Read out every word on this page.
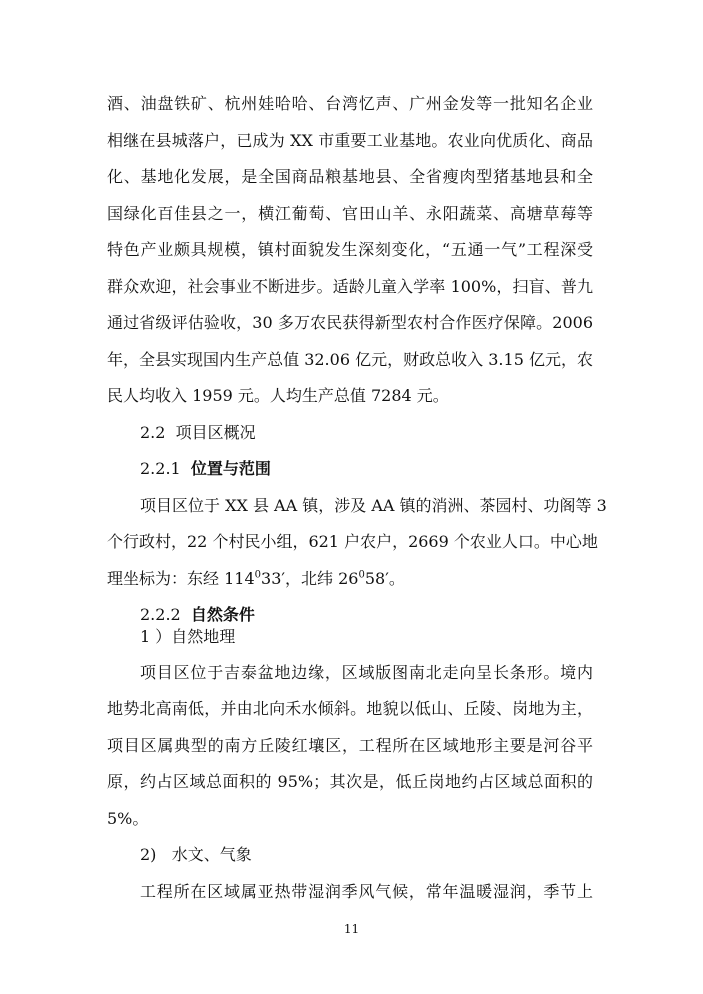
酒、油盘铁矿、杭州娃哈哈、台湾忆声、广州金发等一批知名企业
相继在县城落户，已成为 XX 市重要工业基地。农业向优质化、商品
化、基地化发展，是全国商品粮基地县、全省瘦肉型猪基地县和全
国绿化百佳县之一，横江葡萄、官田山羊、永阳蔬菜、高塘草莓等
特色产业颇具规模，镇村面貌发生深刻变化，“五通一气”工程深受
群众欢迎，社会事业不断进步。适龄儿童入学率 100%，扫盲、普九
通过省级评估验收，30 多万农民获得新型农村合作医疗保障。2006
年，全县实现国内生产总值 32.06 亿元，财政总收入 3.15 亿元，农
民人均收入 1959 元。人均生产总值 7284 元。
2.2 项目区概况
2.2.1 位置与范围
项目区位于 XX 县 AA 镇，涉及 AA 镇的消洲、茶园村、功阁等 3
个行政村，22 个村民小组，621 户农户，2669 个农业人口。中心地
理坐标为：东经 $114^033'$，北纬 $26^058'$。
2.2.2 自然条件
1 ）自然地理
项目区位于吉泰盆地边缘，区域版图南北走向呈长条形。境内
地势北高南低，并由北向禾水倾斜。地貌以低山、丘陵、岗地为主，
项目区属典型的南方丘陵红壤区，工程所在区域地形主要是河谷平
原，约占区域总面积的 95%；其次是，低丘岗地约占区域总面积的
5%。
2) 水文、气象
工程所在区域属亚热带湿润季风气候，常年温暖湿润，季节上
11
